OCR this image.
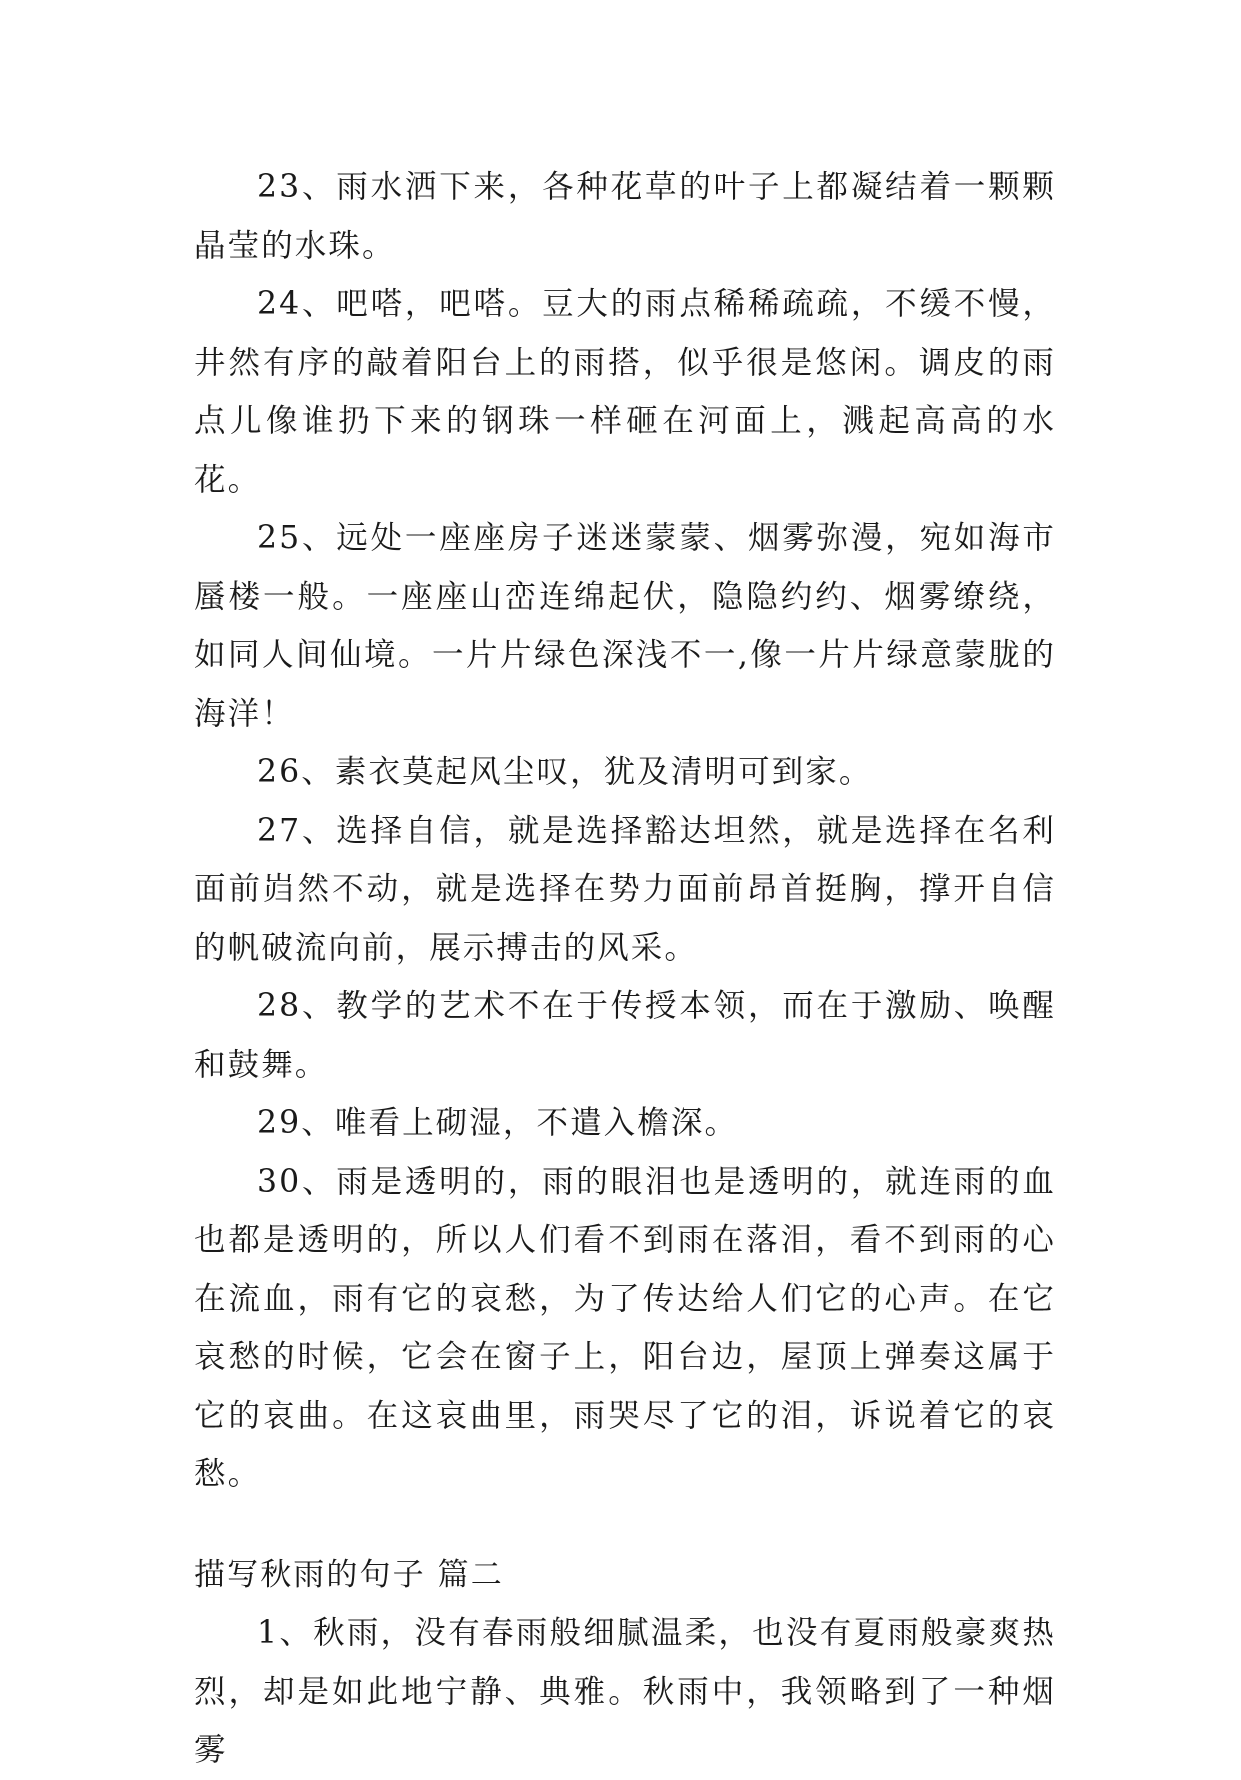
23、雨水洒下来，各种花草的叶子上都凝结着一颗颗晶莹的水珠。

24、吧嗒，吧嗒。豆大的雨点稀稀疏疏，不缓不慢，井然有序的敲着阳台上的雨搭，似乎很是悠闲。调皮的雨点儿像谁扔下来的钢珠一样砸在河面上，溅起高高的水花。

25、远处一座座房子迷迷蒙蒙、烟雾弥漫，宛如海市蜃楼一般。一座座山峦连绵起伏，隐隐约约、烟雾缭绕，如同人间仙境。一片片绿色深浅不一,像一片片绿意蒙胧的海洋！

26、素衣莫起风尘叹，犹及清明可到家。

27、选择自信，就是选择豁达坦然，就是选择在名利面前岿然不动，就是选择在势力面前昂首挺胸，撑开自信的帆破流向前，展示搏击的风采。

28、教学的艺术不在于传授本领，而在于激励、唤醒和鼓舞。

29、唯看上砌湿，不遣入檐深。

30、雨是透明的，雨的眼泪也是透明的，就连雨的血也都是透明的，所以人们看不到雨在落泪，看不到雨的心在流血，雨有它的哀愁，为了传达给人们它的心声。在它哀愁的时候，它会在窗子上，阳台边，屋顶上弹奏这属于它的哀曲。在这哀曲里，雨哭尽了它的泪，诉说着它的哀愁。

描写秋雨的句子 篇二

1、秋雨，没有春雨般细腻温柔，也没有夏雨般豪爽热烈，却是如此地宁静、典雅。秋雨中，我领略到了一种烟雾
